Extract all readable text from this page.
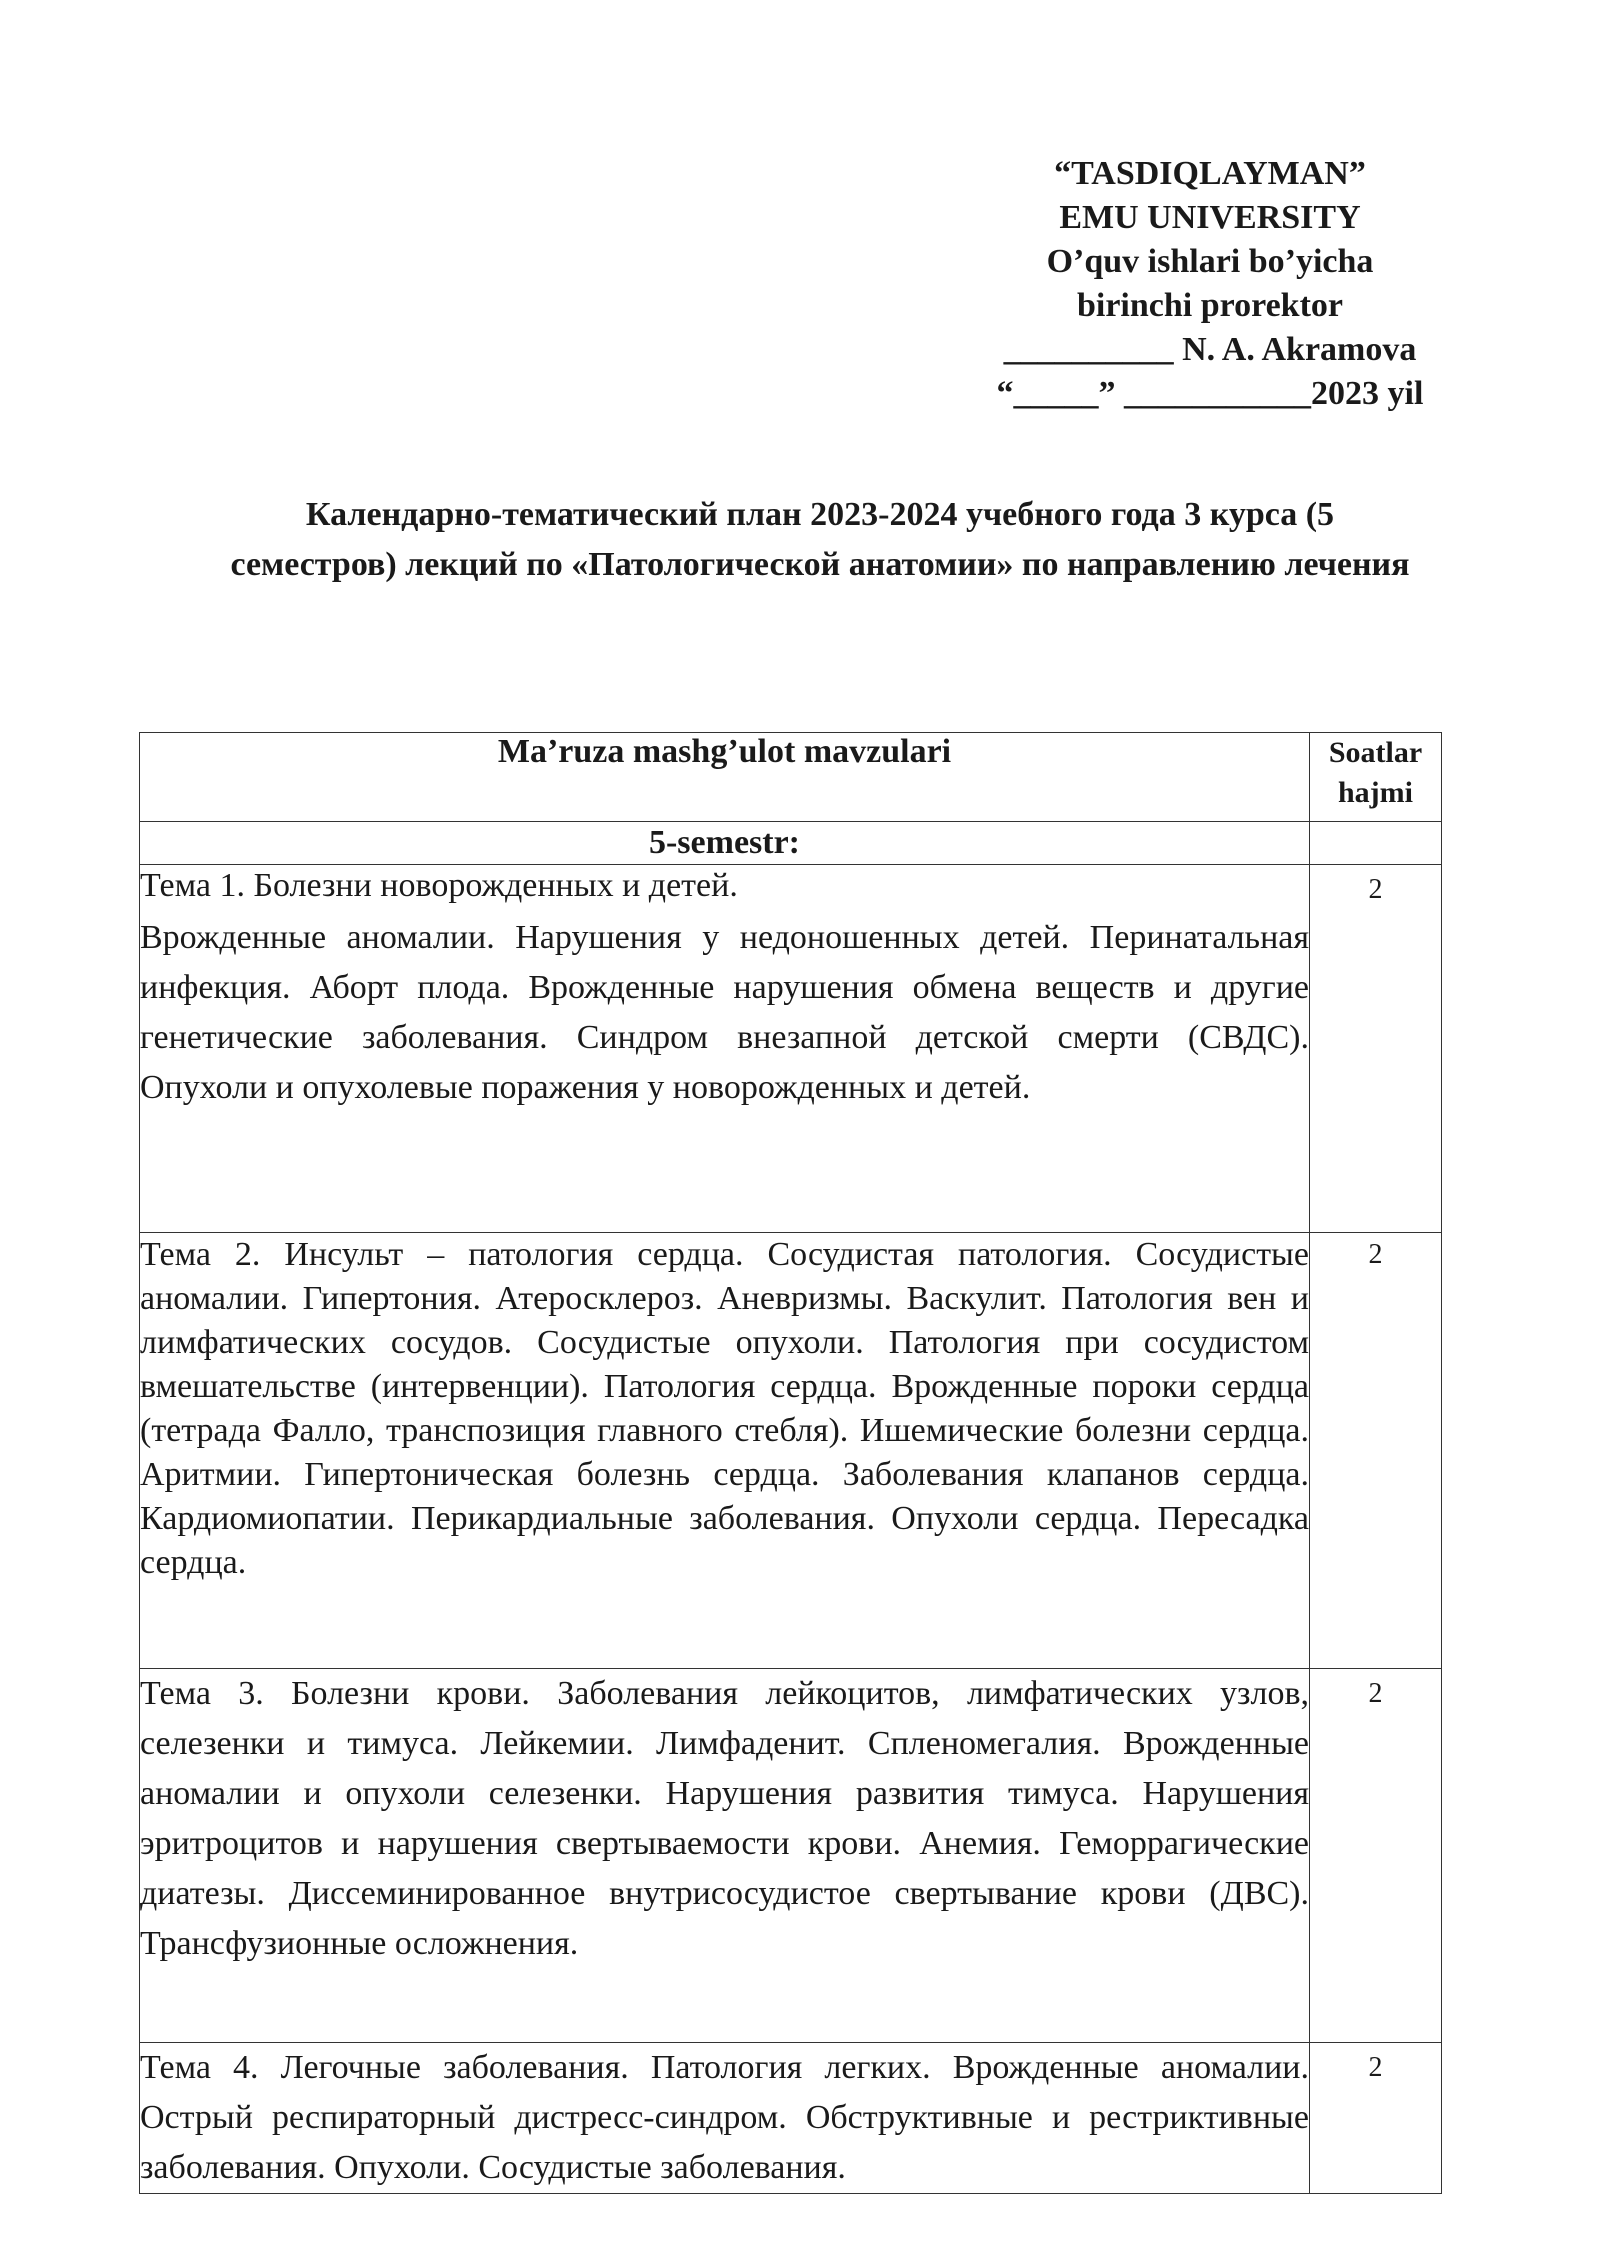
“TASDIQLAYMAN”
EMU UNIVERSITY
O’quv ishlari bo’yicha
birinchi prorektor
__________ N. A. Akramova
“_____” ___________2023 yil
Календарно-тематический план 2023-2024 учебного года 3 курса (5
семестров) лекций по «Патологической анатомии» по направлению лечения
Ma’ruza mashg’ulot mavzulari	Soatlar hajmi
5-semestr:	

Тема 1. Болезни новорожденных и детей.
Врожденные аномалии. Нарушения у недоношенных детей. Перинатальная инфекция. Аборт плода. Врожденные нарушения обмена веществ и другие генетические заболевания. Синдром внезапной детской смерти (СВДС). Опухоли и опухолевые поражения у новорожденных и детей.	2
Тема 2. Инсульт – патология сердца. Сосудистая патология. Сосудистые аномалии. Гипертония. Атеросклероз. Аневризмы. Васкулит. Патология вен и лимфатических сосудов. Сосудистые опухоли. Патология при сосудистом вмешательстве (интервенции). Патология сердца. Врожденные пороки сердца (тетрада Фалло, транспозиция главного стебля). Ишемические болезни сердца. Аритмии. Гипертоническая болезнь сердца. Заболевания клапанов сердца. Кардиомиопатии. Перикардиальные заболевания. Опухоли сердца. Пересадка сердца.	2
Тема 3. Болезни крови. Заболевания лейкоцитов, лимфатических узлов, селезенки и тимуса. Лейкемии. Лимфаденит. Спленомегалия. Врожденные аномалии и опухоли селезенки. Нарушения развития тимуса. Нарушения эритроцитов и нарушения свертываемости крови. Анемия. Геморрагические диатезы. Диссеминированное внутрисосудистое свертывание крови (ДВС). Трансфузионные осложнения.	2
Тема 4. Легочные заболевания. Патология легких. Врожденные аномалии. Острый респираторный дистресс-синдром. Обструктивные и рестриктивные заболевания. Опухоли. Сосудистые заболевания.	2
